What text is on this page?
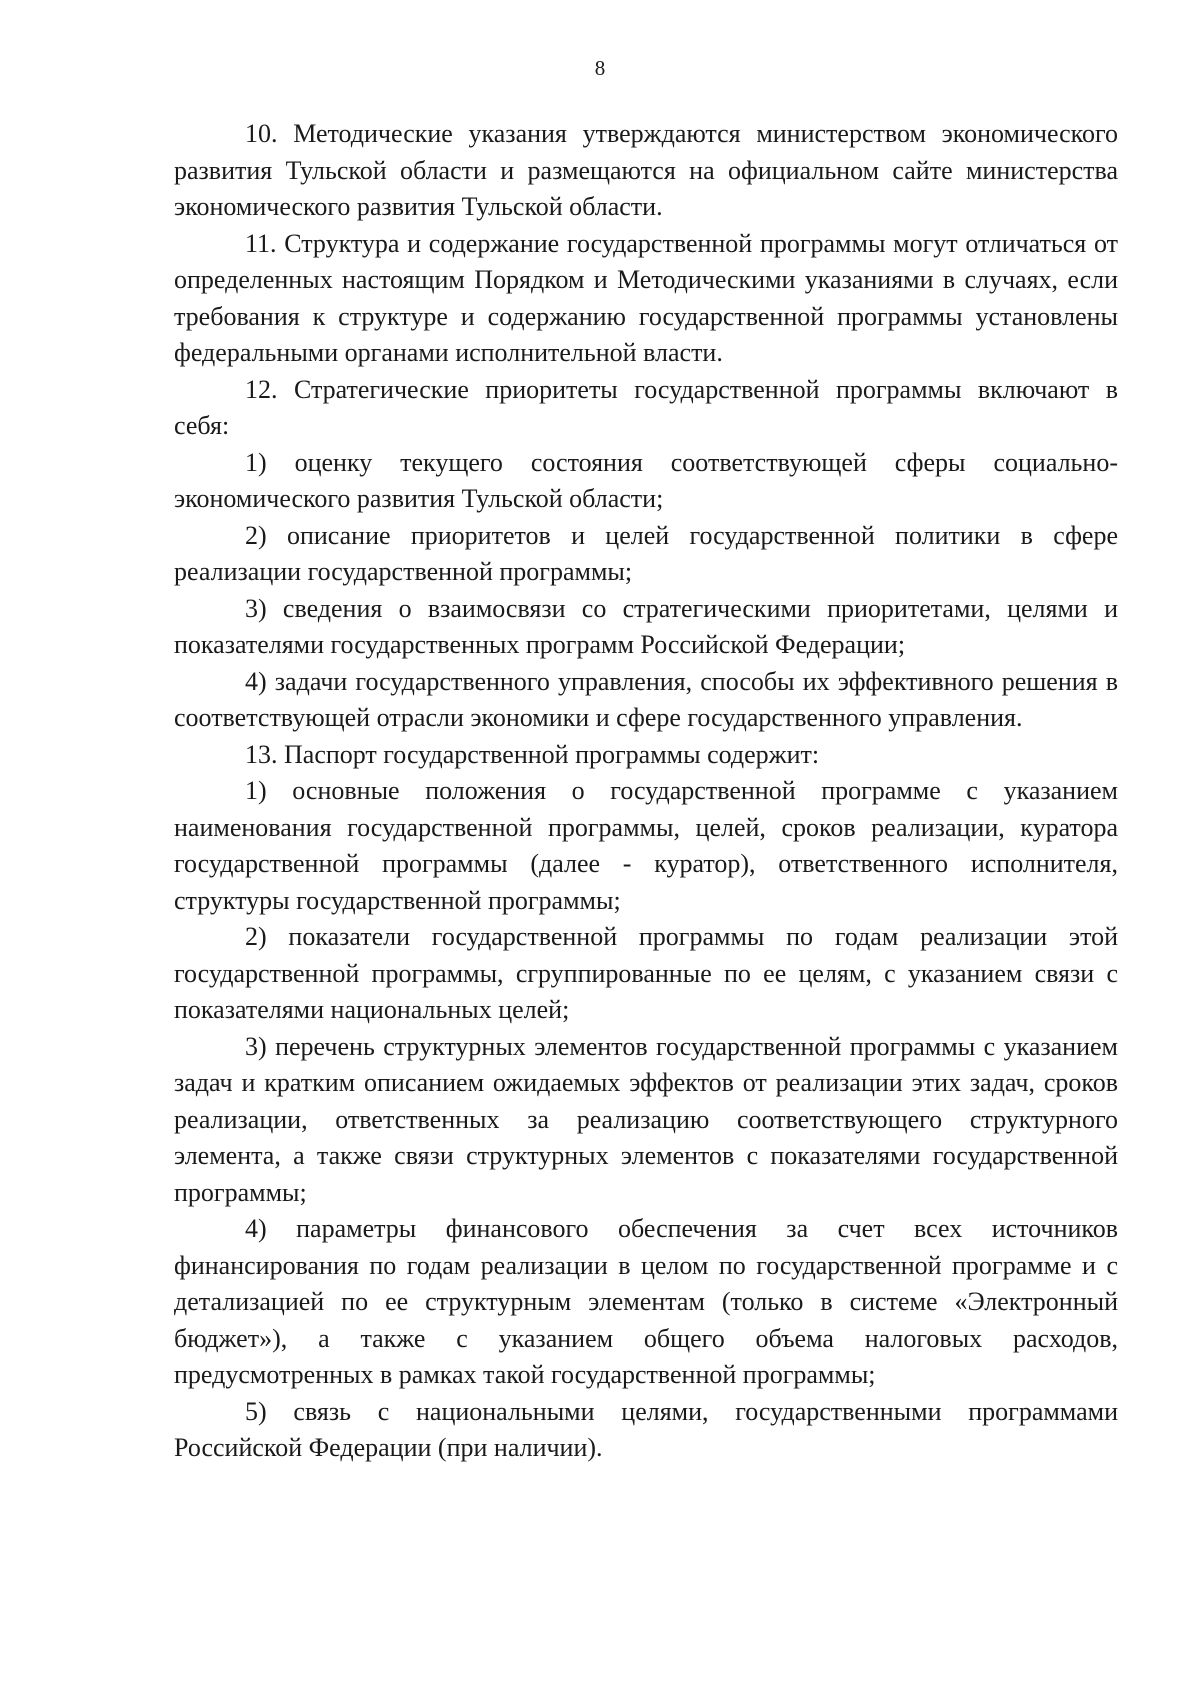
8

10. Методические указания утверждаются министерством экономического развития Тульской области и размещаются на официальном сайте министерства экономического развития Тульской области.

11. Структура и содержание государственной программы могут отличаться от определенных настоящим Порядком и Методическими указаниями в случаях, если требования к структуре и содержанию государственной программы установлены федеральными органами исполнительной власти.

12. Стратегические приоритеты государственной программы включают в себя:

1) оценку текущего состояния соответствующей сферы социально-экономического развития Тульской области;

2) описание приоритетов и целей государственной политики в сфере реализации государственной программы;

3) сведения о взаимосвязи со стратегическими приоритетами, целями и показателями государственных программ Российской Федерации;

4) задачи государственного управления, способы их эффективного решения в соответствующей отрасли экономики и сфере государственного управления.

13. Паспорт государственной программы содержит:

1) основные положения о государственной программе с указанием наименования государственной программы, целей, сроков реализации, куратора государственной программы (далее - куратор), ответственного исполнителя, структуры государственной программы;

2) показатели государственной программы по годам реализации этой государственной программы, сгруппированные по ее целям, с указанием связи с показателями национальных целей;

3) перечень структурных элементов государственной программы с указанием задач и кратким описанием ожидаемых эффектов от реализации этих задач, сроков реализации, ответственных за реализацию соответствующего структурного элемента, а также связи структурных элементов с показателями государственной программы;

4) параметры финансового обеспечения за счет всех источников финансирования по годам реализации в целом по государственной программе и с детализацией по ее структурным элементам (только в системе «Электронный бюджет»), а также с указанием общего объема налоговых расходов, предусмотренных в рамках такой государственной программы;

5) связь с национальными целями, государственными программами Российской Федерации (при наличии).
